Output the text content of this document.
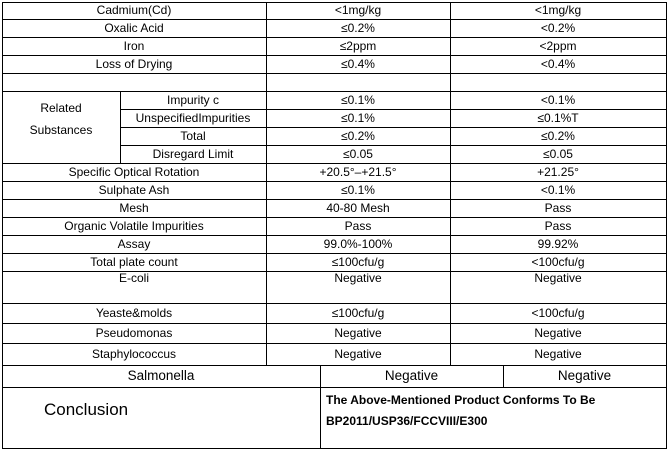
Cadmium(Cd)	<1mg/kg	<1mg/kg
Oxalic Acid	≤0.2%	<0.2%
Iron	≤2ppm	<2ppm
Loss of Drying	≤0.4%	<0.4%
Related
Substances
Impurity c	≤0.1%	<0.1%
UnspecifiedImpurities	≤0.1%	≤0.1%T
Total	≤0.2%	≤0.2%
Disregard Limit	≤0.05	≤0.05
Specific Optical Rotation	+20.5°–+21.5°	+21.25°
Sulphate Ash	≤0.1%	<0.1%
Mesh	40-80 Mesh	Pass
Organic Volatile Impurities	Pass	Pass
Assay	99.0%-100%	99.92%
Total plate count	≤100cfu/g	<100cfu/g
E-coli	Negative	Negative
Yeaste&molds	≤100cfu/g	<100cfu/g
Pseudomonas	Negative	Negative
Staphylococcus	Negative	Negative
Salmonella	Negative	Negative
Conclusion	The Above-Mentioned Product Conforms To Be
BP2011/USP36/FCCVIII/E300
